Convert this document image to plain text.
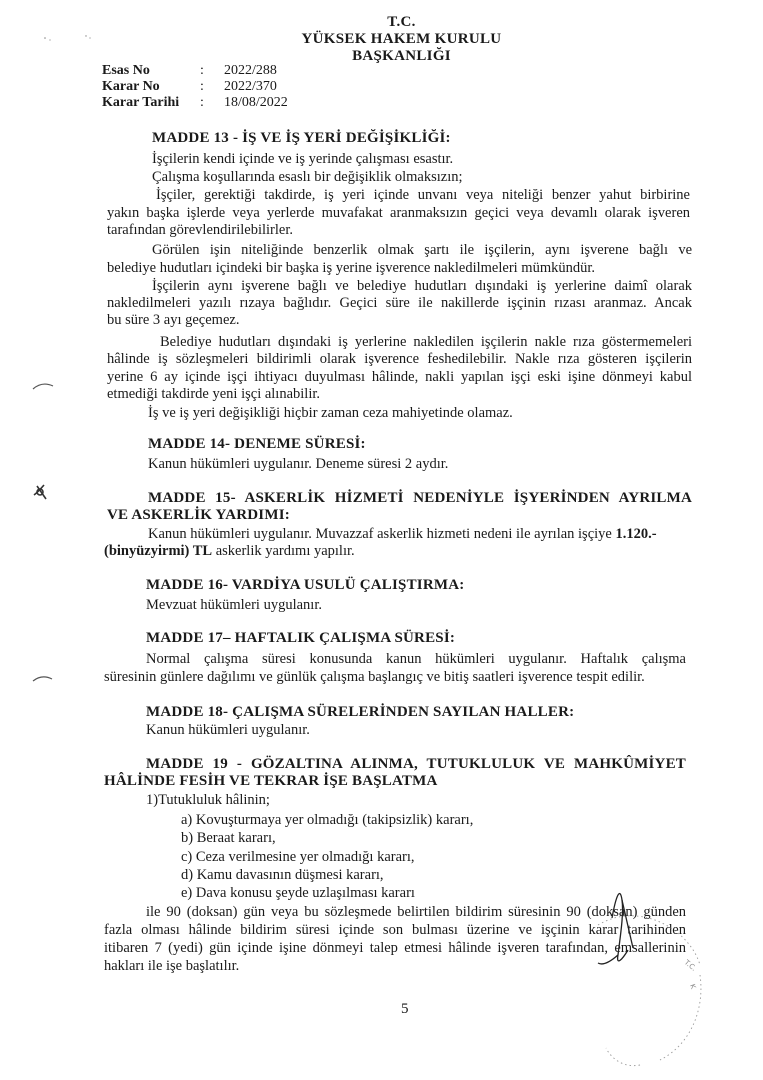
T.C.
YÜKSEK HAKEM KURULU
BAŞKANLIĞI
Esas No	: 2022/288
Karar No	: 2022/370
Karar Tarihi : 18/08/2022
MADDE 13 - İŞ VE İŞ YERİ DEĞİŞİKLİĞİ:
İşçilerin kendi içinde ve iş yerinde çalışması esastır.
Çalışma koşullarında esaslı bir değişiklik olmaksızın;
İşçiler, gerektiği takdirde, iş yeri içinde unvanı veya niteliği benzer yahut birbirine
yakın başka işlerde veya yerlerde muvafakat aranmaksızın geçici veya devamlı olarak işveren
tarafından görevlendirilebilirler.
Görülen işin niteliğinde benzerlik olmak şartı ile işçilerin, aynı işverene bağlı ve
belediye hudutları içindeki bir başka iş yerine işverence nakledilmeleri mümkündür.
İşçilerin aynı işverene bağlı ve belediye hudutları dışındaki iş yerlerine daimî olarak
nakledilmeleri yazılı rızaya bağlıdır. Geçici süre ile nakillerde işçinin rızası aranmaz. Ancak
bu süre 3 ayı geçemez.
Belediye hudutları dışındaki iş yerlerine nakledilen işçilerin nakle rıza göstermemeleri
hâlinde iş sözleşmeleri bildirimli olarak işverence feshedilebilir. Nakle rıza gösteren işçilerin
yerine 6 ay içinde işçi ihtiyacı duyulması hâlinde, nakli yapılan işçi eski işine dönmeyi kabul
etmediği takdirde yeni işçi alınabilir.
İş ve iş yeri değişikliği hiçbir zaman ceza mahiyetinde olamaz.
MADDE 14- DENEME SÜRESİ:
Kanun hükümleri uygulanır. Deneme süresi 2 aydır.
MADDE 15- ASKERLİK HİZMETİ NEDENİYLE İŞYERİNDEN AYRILMA
VE ASKERLİK YARDIMI:
Kanun hükümleri uygulanır. Muvazzaf askerlik hizmeti nedeni ile ayrılan işçiye 1.120.-
(binyüzyirmi) TL askerlik yardımı yapılır.
MADDE 16- VARDİYA USULÜ ÇALIŞTIRMA:
Mevzuat hükümleri uygulanır.
MADDE 17– HAFTALIK ÇALIŞMA SÜRESİ:
Normal çalışma süresi konusunda kanun hükümleri uygulanır. Haftalık çalışma
süresinin günlere dağılımı ve günlük çalışma başlangıç ve bitiş saatleri işverence tespit edilir.
MADDE 18- ÇALIŞMA SÜRELERİNDEN SAYILAN HALLER:
Kanun hükümleri uygulanır.
MADDE 19 - GÖZALTINA ALINMA, TUTUKLULUK VE MAHKÛMİYET
HÂLİNDE FESİH VE TEKRAR İŞE BAŞLATMA
1)Tutukluluk hâlinin;
a) Kovuşturmaya yer olmadığı (takipsizlik) kararı,
b) Beraat kararı,
c) Ceza verilmesine yer olmadığı kararı,
d) Kamu davasının düşmesi kararı,
e) Dava konusu şeyde uzlaşılması kararı
ile 90 (doksan) gün veya bu sözleşmede belirtilen bildirim süresinin 90 (doksan) günden
fazla olması hâlinde bildirim süresi içinde son bulması üzerine ve işçinin karar tarihinden
itibaren 7 (yedi) gün içinde işine dönmeyi talep etmesi hâlinde işveren tarafından, emsallerinin
hakları ile işe başlatılır.
5
T.C.
K
